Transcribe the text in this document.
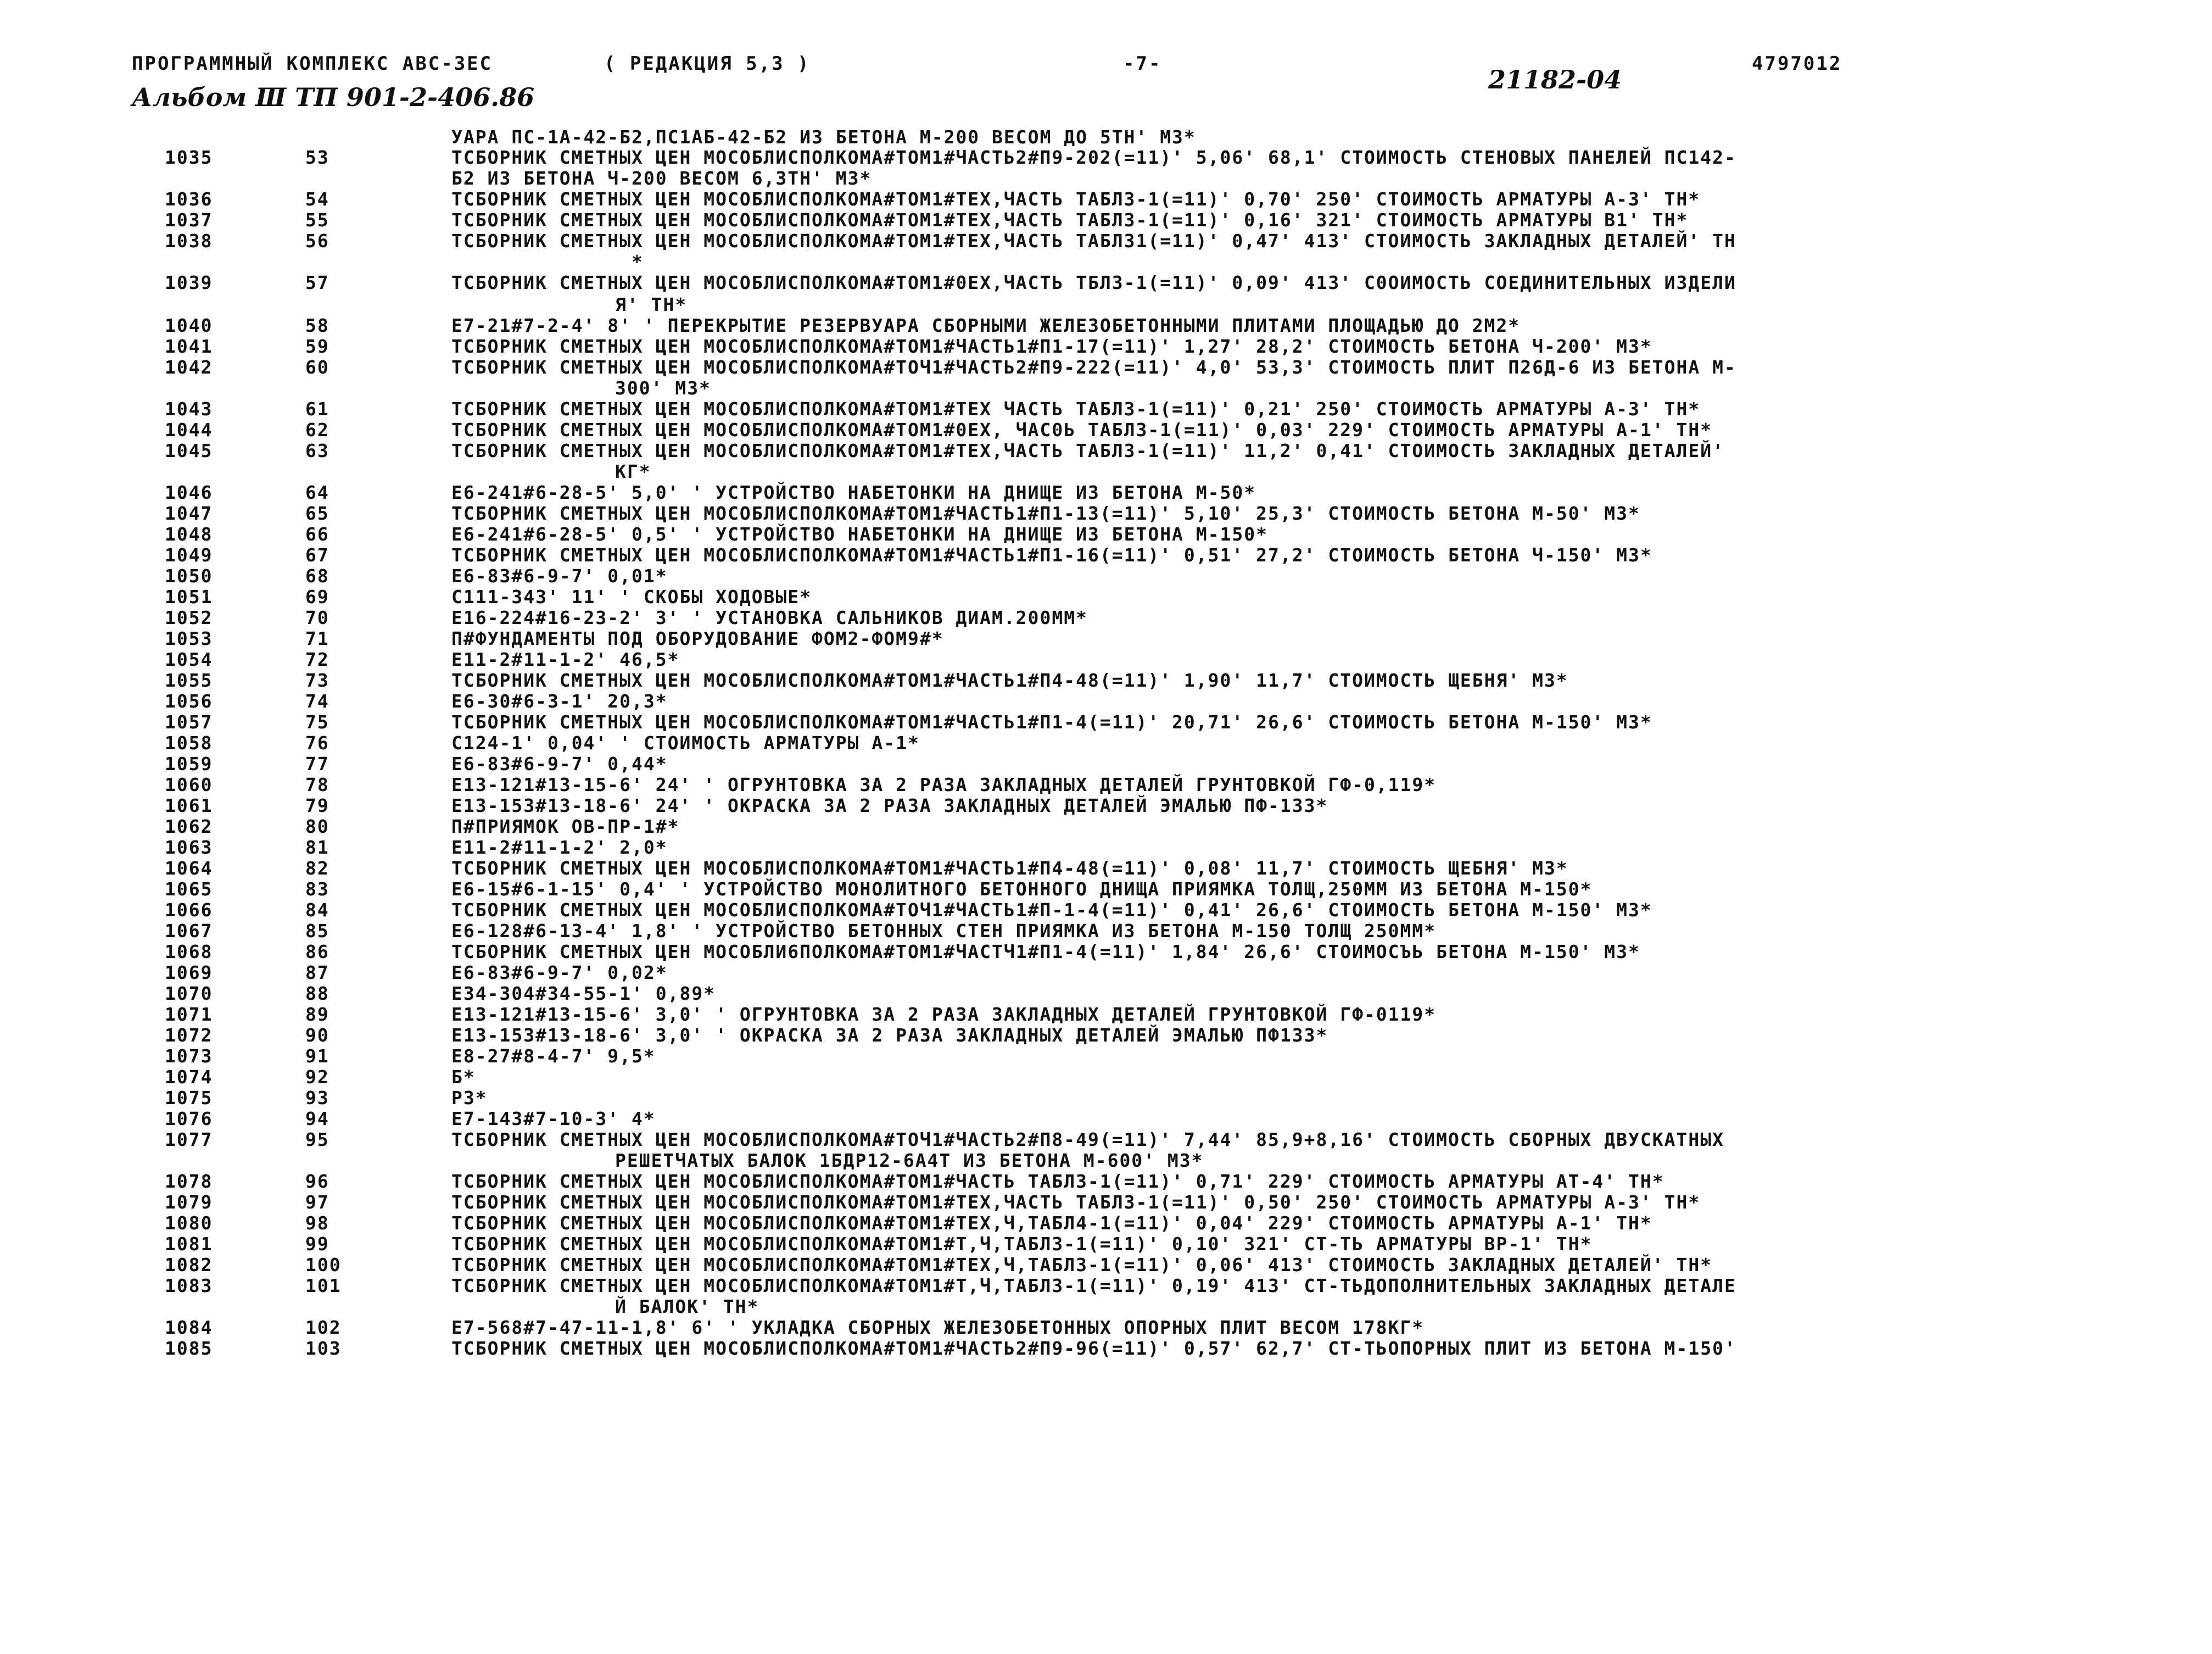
ПРОГРАММНЫЙ КОМПЛЕКС АВС-ЗЕС	( РЕДАКЦИЯ 5,3 )	-7-	4797012
Альбом Ⅲ ТП 901-2-406.86
21182-04
УАРА ПС-1А-42-Б2,ПС1АБ-42-Б2 ИЗ БЕТОНА М-200 ВЕСОМ ДО 5ТН' М3*
1035	53	ТСБОРНИК СМЕТНЫХ ЦЕН МОСОБЛИСПОЛКОМА#ТОМ1#ЧАСТЬ2#П9-202(=11)' 5,06' 68,1' СТОИМОСТЬ СТЕНОВЫХ ПАНЕЛЕЙ ПС142-
Б2 ИЗ БЕТОНА Ч-200 ВЕСОМ 6,3ТН' М3*
1036	54	ТСБОРНИК СМЕТНЫХ ЦЕН МОСОБЛИСПОЛКОМА#ТОМ1#ТЕХ,ЧАСТЬ ТАБЛ3-1(=11)' 0,70' 250' СТОИМОСТЬ АРМАТУРЫ А-3' ТН*
1037	55	ТСБОРНИК СМЕТНЫХ ЦЕН МОСОБЛИСПОЛКОМА#ТОМ1#ТЕХ,ЧАСТЬ ТАБЛ3-1(=11)' 0,16' 321' СТОИМОСТЬ АРМАТУРЫ В1' ТН*
1038	56	ТСБОРНИК СМЕТНЫХ ЦЕН МОСОБЛИСПОЛКОМА#ТОМ1#ТЕХ,ЧАСТЬ ТАБЛ31(=11)' 0,47' 413' СТОИМОСТЬ ЗАКЛАДНЫХ ДЕТАЛЕЙ' ТН
*
1039	57	ТСБОРНИК СМЕТНЫХ ЦЕН МОСОБЛИСПОЛКОМА#ТОМ1#0ЕХ,ЧАСТЬ ТБЛ3-1(=11)' 0,09' 413' С0ОИМОСТЬ СОЕДИНИТЕЛЬНЫХ ИЗДЕЛИ
Я' ТН*
1040	58	Е7-21#7-2-4' 8' ' ПЕРЕКРЫТИЕ РЕЗЕРВУАРА СБОРНЫМИ ЖЕЛЕЗОБЕТОННЫМИ ПЛИТАМИ ПЛОЩАДЬЮ ДО 2М2*
1041	59	ТСБОРНИК СМЕТНЫХ ЦЕН МОСОБЛИСПОЛКОМА#ТОМ1#ЧАСТЬ1#П1-17(=11)' 1,27' 28,2' СТОИМОСТЬ БЕТОНА Ч-200' М3*
1042	60	ТСБОРНИК СМЕТНЫХ ЦЕН МОСОБЛИСПОЛКОМА#ТОЧ1#ЧАСТЬ2#П9-222(=11)' 4,0' 53,3' СТОИМОСТЬ ПЛИТ П26Д-6 ИЗ БЕТОНА М-
300' М3*
1043	61	ТСБОРНИК СМЕТНЫХ ЦЕН МОСОБЛИСПОЛКОМА#ТОМ1#ТЕХ ЧАСТЬ ТАБЛ3-1(=11)' 0,21' 250' СТОИМОСТЬ АРМАТУРЫ А-3' ТН*
1044	62	ТСБОРНИК СМЕТНЫХ ЦЕН МОСОБЛИСПОЛКОМА#ТОМ1#0ЕХ, ЧАС0Ь ТАБЛ3-1(=11)' 0,03' 229' СТОИМОСТЬ АРМАТУРЫ А-1' ТН*
1045	63	ТСБОРНИК СМЕТНЫХ ЦЕН МОСОБЛИСПОЛКОМА#ТОМ1#ТЕХ,ЧАСТЬ ТАБЛ3-1(=11)' 11,2' 0,41' СТОИМОСТЬ ЗАКЛАДНЫХ ДЕТАЛЕЙ'
КГ*
1046	64	Е6-241#6-28-5' 5,0' ' УСТРОЙСТВО НАБЕТОНКИ НА ДНИЩЕ ИЗ БЕТОНА М-50*
1047	65	ТСБОРНИК СМЕТНЫХ ЦЕН МОСОБЛИСПОЛКОМА#ТОМ1#ЧАСТЬ1#П1-13(=11)' 5,10' 25,3' СТОИМОСТЬ БЕТОНА М-50' М3*
1048	66	Е6-241#6-28-5' 0,5' ' УСТРОЙСТВО НАБЕТОНКИ НА ДНИЩЕ ИЗ БЕТОНА М-150*
1049	67	ТСБОРНИК СМЕТНЫХ ЦЕН МОСОБЛИСПОЛКОМА#ТОМ1#ЧАСТЬ1#П1-16(=11)' 0,51' 27,2' СТОИМОСТЬ БЕТОНА Ч-150' М3*
1050	68	Е6-83#6-9-7' 0,01*
1051	69	С111-343' 11' ' СКОБЫ ХОДОВЫЕ*
1052	70	Е16-224#16-23-2' 3' ' УСТАНОВКА САЛЬНИКОВ ДИАМ.200ММ*
1053	71	П#ФУНДАМЕНТЫ ПОД ОБОРУДОВАНИЕ ФОМ2-ФОМ9#*
1054	72	Е11-2#11-1-2' 46,5*
1055	73	ТСБОРНИК СМЕТНЫХ ЦЕН МОСОБЛИСПОЛКОМА#ТОМ1#ЧАСТЬ1#П4-48(=11)' 1,90' 11,7' СТОИМОСТЬ ЩЕБНЯ' М3*
1056	74	Е6-30#6-3-1' 20,3*
1057	75	ТСБОРНИК СМЕТНЫХ ЦЕН МОСОБЛИСПОЛКОМА#ТОМ1#ЧАСТЬ1#П1-4(=11)' 20,71' 26,6' СТОИМОСТЬ БЕТОНА М-150' М3*
1058	76	С124-1' 0,04' ' СТОИМОСТЬ АРМАТУРЫ А-1*
1059	77	Е6-83#6-9-7' 0,44*
1060	78	Е13-121#13-15-6' 24' ' ОГРУНТОВКА ЗА 2 РАЗА ЗАКЛАДНЫХ ДЕТАЛЕЙ ГРУНТОВКОЙ ГФ-0,119*
1061	79	Е13-153#13-18-6' 24' ' ОКРАСКА ЗА 2 РАЗА ЗАКЛАДНЫХ ДЕТАЛЕЙ ЭМАЛЬЮ ПФ-133*
1062	80	П#ПРИЯМОК ОВ-ПР-1#*
1063	81	Е11-2#11-1-2' 2,0*
1064	82	ТСБОРНИК СМЕТНЫХ ЦЕН МОСОБЛИСПОЛКОМА#ТОМ1#ЧАСТЬ1#П4-48(=11)' 0,08' 11,7' СТОИМОСТЬ ЩЕБНЯ' М3*
1065	83	Е6-15#6-1-15' 0,4' ' УСТРОЙСТВО МОНОЛИТНОГО БЕТОННОГО ДНИЩА ПРИЯМКА ТОЛЩ,250ММ ИЗ БЕТОНА М-150*
1066	84	ТСБОРНИК СМЕТНЫХ ЦЕН МОСОБЛИСПОЛКОМА#ТОЧ1#ЧАСТЬ1#П-1-4(=11)' 0,41' 26,6' СТОИМОСТЬ БЕТОНА М-150' М3*
1067	85	Е6-128#6-13-4' 1,8' ' УСТРОЙСТВО БЕТОННЫХ СТЕН ПРИЯМКА ИЗ БЕТОНА М-150 ТОЛЩ 250ММ*
1068	86	ТСБОРНИК СМЕТНЫХ ЦЕН МОСОБЛИ6ПОЛКОМА#ТОМ1#ЧАСТЧ1#П1-4(=11)' 1,84' 26,6' СТОИМОСЪЬ БЕТОНА М-150' М3*
1069	87	Е6-83#6-9-7' 0,02*
1070	88	Е34-304#34-55-1' 0,89*
1071	89	Е13-121#13-15-6' 3,0' ' ОГРУНТОВКА ЗА 2 РАЗА ЗАКЛАДНЫХ ДЕТАЛЕЙ ГРУНТОВКОЙ ГФ-0119*
1072	90	Е13-153#13-18-6' 3,0' ' ОКРАСКА ЗА 2 РАЗА ЗАКЛАДНЫХ ДЕТАЛЕЙ ЭМАЛЬЮ ПФ133*
1073	91	Е8-27#8-4-7' 9,5*
1074	92	Б*
1075	93	Р3*
1076	94	Е7-143#7-10-3' 4*
1077	95	ТСБОРНИК СМЕТНЫХ ЦЕН МОСОБЛИСПОЛКОМА#ТОЧ1#ЧАСТЬ2#П8-49(=11)' 7,44' 85,9+8,16' СТОИМОСТЬ СБОРНЫХ ДВУСКАТНЫХ
РЕШЕТЧАТЫХ БАЛОК 1БДР12-6А4Т ИЗ БЕТОНА М-600' М3*
1078	96	ТСБОРНИК СМЕТНЫХ ЦЕН МОСОБЛИСПОЛКОМА#ТОМ1#ЧАСТЬ ТАБЛ3-1(=11)' 0,71' 229' СТОИМОСТЬ АРМАТУРЫ АТ-4' ТН*
1079	97	ТСБОРНИК СМЕТНЫХ ЦЕН МОСОБЛИСПОЛКОМА#ТОМ1#ТЕХ,ЧАСТЬ ТАБЛ3-1(=11)' 0,50' 250' СТОИМОСТЬ АРМАТУРЫ А-3' ТН*
1080	98	ТСБОРНИК СМЕТНЫХ ЦЕН МОСОБЛИСПОЛКОМА#ТОМ1#ТЕХ,Ч,ТАБЛ4-1(=11)' 0,04' 229' СТОИМОСТЬ АРМАТУРЫ А-1' ТН*
1081	99	ТСБОРНИК СМЕТНЫХ ЦЕН МОСОБЛИСПОЛКОМА#ТОМ1#Т,Ч,ТАБЛ3-1(=11)' 0,10' 321' СТ-ТЬ АРМАТУРЫ ВР-1' ТН*
1082	100	ТСБОРНИК СМЕТНЫХ ЦЕН МОСОБЛИСПОЛКОМА#ТОМ1#ТЕХ,Ч,ТАБЛ3-1(=11)' 0,06' 413' СТОИМОСТЬ ЗАКЛАДНЫХ ДЕТАЛЕЙ' ТН*
1083	101	ТСБОРНИК СМЕТНЫХ ЦЕН МОСОБЛИСПОЛКОМА#ТОМ1#Т,Ч,ТАБЛ3-1(=11)' 0,19' 413' СТ-ТЬДОПОЛНИТЕЛЬНЫХ ЗАКЛАДНЫХ ДЕТАЛЕ
Й БАЛОК' ТН*
1084	102	Е7-568#7-47-11-1,8' 6' ' УКЛАДКА СБОРНЫХ ЖЕЛЕЗОБЕТОННЫХ ОПОРНЫХ ПЛИТ ВЕСОМ 178КГ*
1085	103	ТСБОРНИК СМЕТНЫХ ЦЕН МОСОБЛИСПОЛКОМА#ТОМ1#ЧАСТЬ2#П9-96(=11)' 0,57' 62,7' СТ-ТЬОПОРНЫХ ПЛИТ ИЗ БЕТОНА М-150'
